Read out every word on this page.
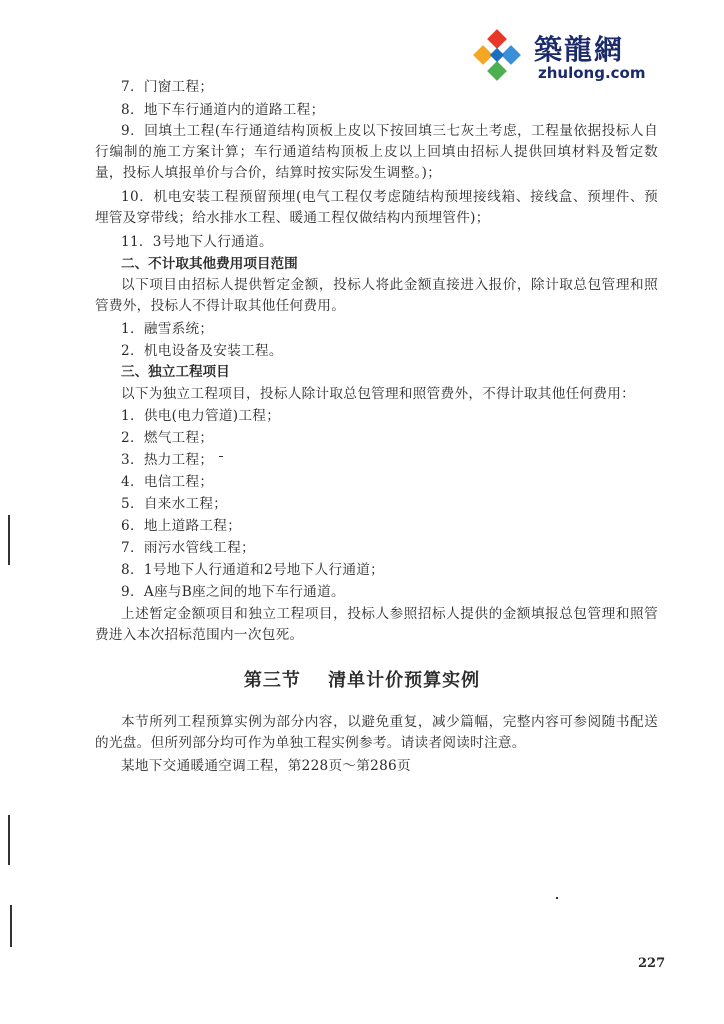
築龍網
zhulong.com
7．门窗工程；
8．地下车行通道内的道路工程；
9．回填土工程(车行通道结构顶板上皮以下按回填三七灰土考虑，工程量依据投标人自行编制的施工方案计算；车行通道结构顶板上皮以上回填由招标人提供回填材料及暂定数量，投标人填报单价与合价，结算时按实际发生调整。)；
10．机电安装工程预留预埋(电气工程仅考虑随结构预埋接线箱、接线盒、预埋件、预埋管及穿带线；给水排水工程、暖通工程仅做结构内预埋管件)；
11．3号地下人行通道。
二、不计取其他费用项目范围
以下项目由招标人提供暂定金额，投标人将此金额直接进入报价，除计取总包管理和照管费外，投标人不得计取其他任何费用。
1．融雪系统；
2．机电设备及安装工程。
三、独立工程项目
以下为独立工程项目，投标人除计取总包管理和照管费外，不得计取其他任何费用：
1．供电(电力管道)工程；
2．燃气工程；
3．热力工程；
4．电信工程；
5．自来水工程；
6．地上道路工程；
7．雨污水管线工程；
8．1号地下人行通道和2号地下人行通道；
9．A座与B座之间的地下车行通道。
上述暂定金额项目和独立工程项目，投标人参照招标人提供的金额填报总包管理和照管费进入本次招标范围内一次包死。
第三节 清单计价预算实例
本节所列工程预算实例为部分内容，以避免重复，减少篇幅，完整内容可参阅随书配送的光盘。但所列部分均可作为单独工程实例参考。请读者阅读时注意。
某地下交通暖通空调工程，第228页～第286页
227
